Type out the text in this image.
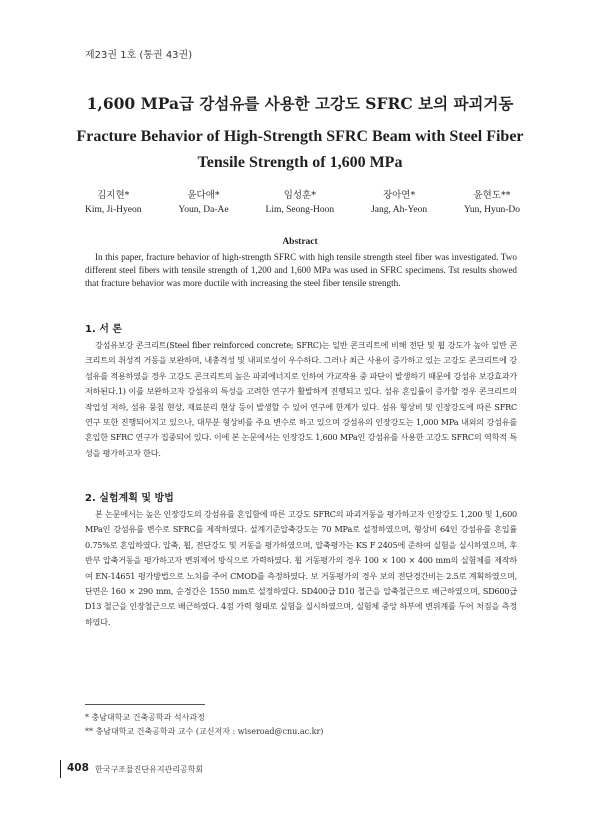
제23권 1호 (통권 43권)
1,600 MPa급 강섬유를 사용한 고강도 SFRC 보의 파괴거동
Fracture Behavior of High-Strength SFRC Beam with Steel Fiber Tensile Strength of 1,600 MPa
김지현*
Kim, Ji-Hyeon
윤다애*
Youn, Da-Ae
임성훈*
Lim, Seong-Hoon
장아연*
Jang, Ah-Yeon
윤현도**
Yun, Hyun-Do
Abstract
In this paper, fracture behavior of high-strength SFRC with high tensile strength steel fiber was investigated. Two different steel fibers with tensile strength of 1,200 and 1,600 MPa was used in SFRC specimens. Tst results showed that fracture behavior was more ductile with increasing the steel fiber tensile strength.
1. 서 론
강섬유보강 콘크리트(Steel fiber reinforced concrete; SFRC)는 일반 콘크리트에 비해 전단 및 휨 강도가 높아 일반 콘크리트의 취성적 거동을 보완하며, 내충격성 및 내피로성이 우수하다. 그러나 최근 사용이 증가하고 있는 고강도 콘크리트에 강섬유를 적용하였을 경우 고강도 콘크리트의 높은 파괴에너지로 인하여 가교작용 중 파단이 발생하기 때문에 강섬유 보강효과가 저하된다.1) 이를 보완하고자 강섬유의 특성을 고려한 연구가 활발하게 진행되고 있다. 섬유 혼입률이 증가할 경우 콘크리트의 작업성 저하, 섬유 뭉침 현상, 재료분리 현상 등이 발생할 수 있어 연구에 한계가 있다. 섬유 형상비 및 인장강도에 따른 SFRC 연구 또한 진행되어지고 있으나, 대부분 형상비를 주요 변수로 하고 있으며 강섬유의 인장강도는 1,000 MPa 내외의 강섬유를 혼입한 SFRC 연구가 집중되어 있다. 이에 본 논문에서는 인장강도 1,600 MPa인 강섬유를 사용한 고강도 SFRC의 역학적 특성을 평가하고자 한다.
2. 실험계획 및 방법
본 논문에서는 높은 인장강도의 강섬유를 혼입함에 따른 고강도 SFRC의 파괴거동을 평가하고자 인장강도 1,200 및 1,600 MPa인 강섬유를 변수로 SFRC를 제작하였다. 설계기준압축강도는 70 MPa로 설정하였으며, 형상비 64인 강섬유를 혼입률 0.75%로 혼입하였다. 압축, 휨, 전단강도 및 거동을 평가하였으며, 압축평가는 KS F 2405에 준하여 실험을 실시하였으며, 후반부 압축거동을 평가하고자 변위제어 방식으로 가력하였다. 휨 거동평가의 경우 100 × 100 × 400 mm의 실험체를 제작하여 EN-14651 평가방법으로 노치를 주어 CMOD를 측정하였다. 보 거동평가의 경우 보의 전단경간비는 2.5로 계획하였으며, 단면은 160 × 290 mm, 순경간은 1550 mm로 설정하였다. SD400급 D10 철근을 압축철근으로 배근하였으며, SD600급 D13 철근을 인장철근으로 배근하였다. 4점 가력 형태로 실험을 실시하였으며, 실험체 중앙 하부에 변위계를 두어 처짐을 측정하였다.
* 충남대학교 건축공학과 석사과정
** 충남대학교 건축공학과 교수 (교신저자 : wiseroad@cnu.ac.kr)
408 한국구조물진단유지관리공학회
